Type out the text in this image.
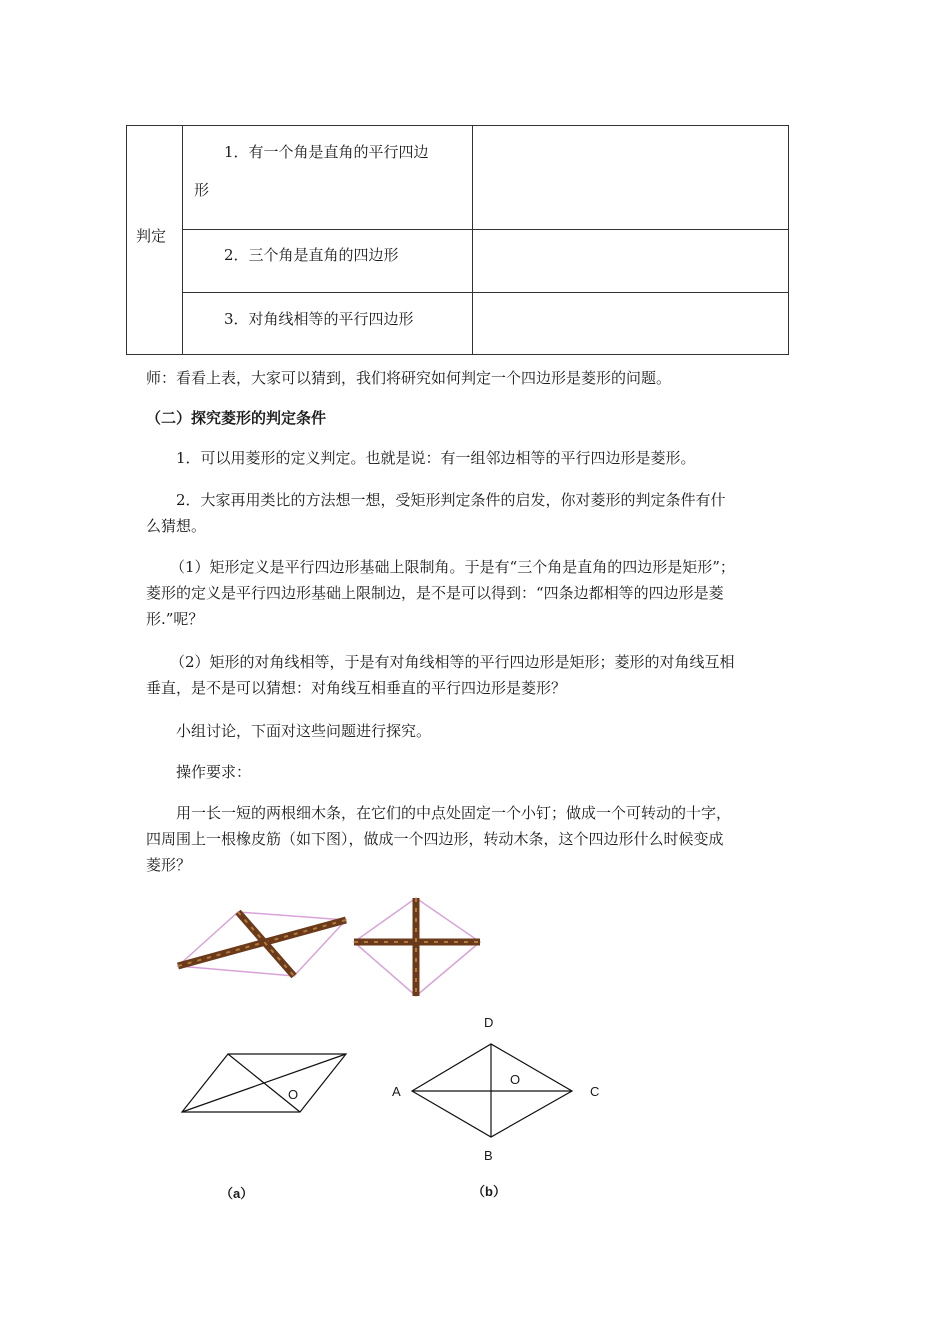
判定
1．有一个角是直角的平行四边
形
2．三个角是直角的四边形
3．对角线相等的平行四边形
师：看看上表，大家可以猜到，我们将研究如何判定一个四边形是菱形的问题。
（二）探究菱形的判定条件
1．可以用菱形的定义判定。也就是说：有一组邻边相等的平行四边形是菱形。
2．大家再用类比的方法想一想，受矩形判定条件的启发，你对菱形的判定条件有什
么猜想。
（1）矩形定义是平行四边形基础上限制角。于是有“三个角是直角的四边形是矩形”；
菱形的定义是平行四边形基础上限制边，是不是可以得到：“四条边都相等的四边形是菱
形.”呢？
（2）矩形的对角线相等，于是有对角线相等的平行四边形是矩形；菱形的对角线互相
垂直，是不是可以猜想：对角线互相垂直的平行四边形是菱形？
小组讨论，下面对这些问题进行探究。
操作要求：
用一长一短的两根细木条，在它们的中点处固定一个小钉；做成一个可转动的十字，
四周围上一根橡皮筋（如下图），做成一个四边形，转动木条，这个四边形什么时候变成
菱形？
O
D
A
O
C
B
（a）	（b）
